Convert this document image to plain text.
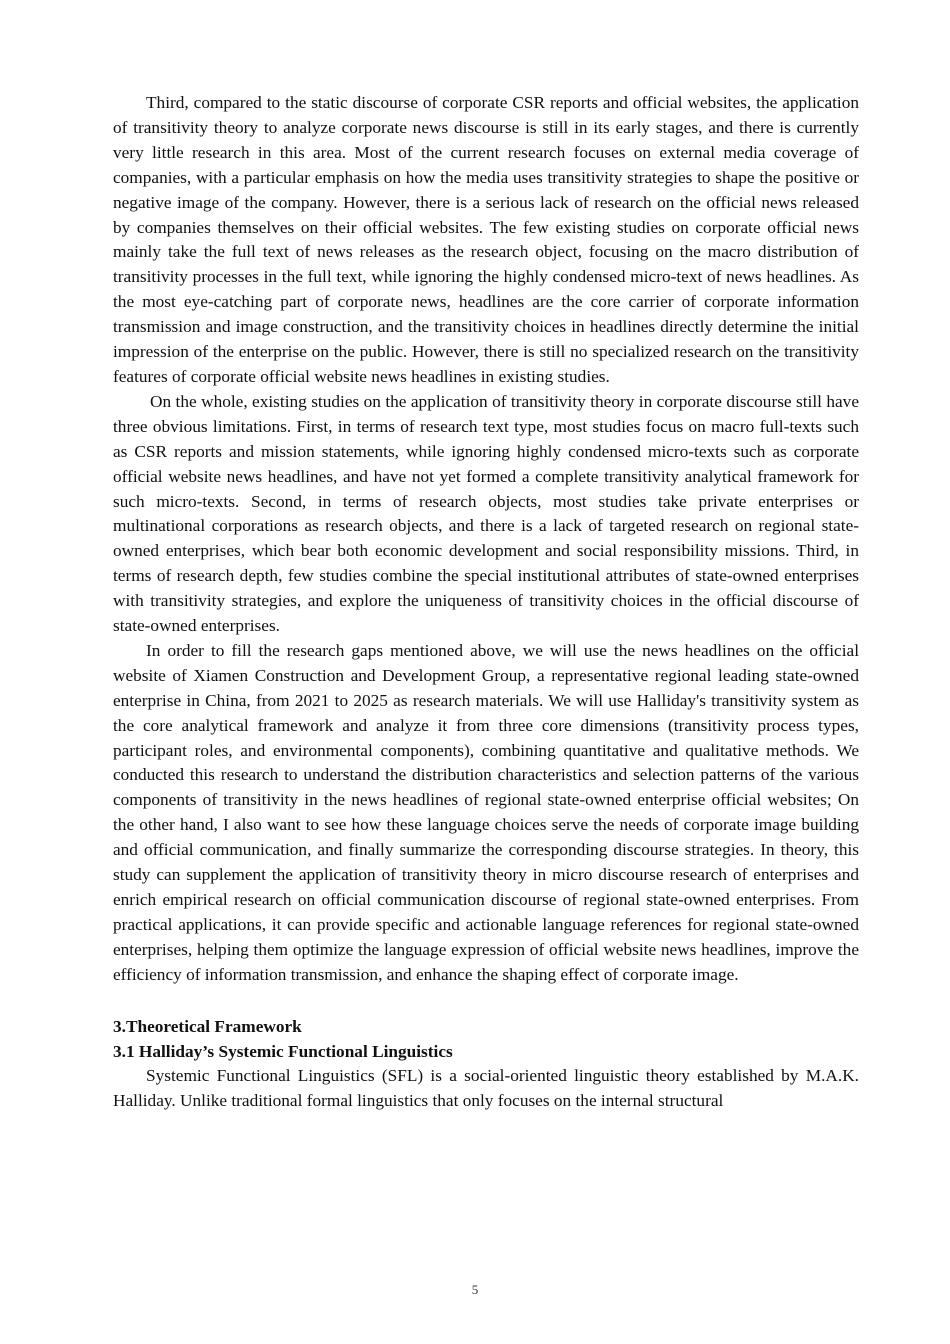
Third, compared to the static discourse of corporate CSR reports and official websites, the application of transitivity theory to analyze corporate news discourse is still in its early stages, and there is currently very little research in this area. Most of the current research focuses on external media coverage of companies, with a particular emphasis on how the media uses transitivity strategies to shape the positive or negative image of the company. However, there is a serious lack of research on the official news released by companies themselves on their official websites. The few existing studies on corporate official news mainly take the full text of news releases as the research object, focusing on the macro distribution of transitivity processes in the full text, while ignoring the highly condensed micro-text of news headlines. As the most eye-catching part of corporate news, headlines are the core carrier of corporate information transmission and image construction, and the transitivity choices in headlines directly determine the initial impression of the enterprise on the public. However, there is still no specialized research on the transitivity features of corporate official website news headlines in existing studies.

On the whole, existing studies on the application of transitivity theory in corporate discourse still have three obvious limitations. First, in terms of research text type, most studies focus on macro full-texts such as CSR reports and mission statements, while ignoring highly condensed micro-texts such as corporate official website news headlines, and have not yet formed a complete transitivity analytical framework for such micro-texts. Second, in terms of research objects, most studies take private enterprises or multinational corporations as research objects, and there is a lack of targeted research on regional state-owned enterprises, which bear both economic development and social responsibility missions. Third, in terms of research depth, few studies combine the special institutional attributes of state-owned enterprises with transitivity strategies, and explore the uniqueness of transitivity choices in the official discourse of state-owned enterprises.

In order to fill the research gaps mentioned above, we will use the news headlines on the official website of Xiamen Construction and Development Group, a representative regional leading state-owned enterprise in China, from 2021 to 2025 as research materials. We will use Halliday's transitivity system as the core analytical framework and analyze it from three core dimensions (transitivity process types, participant roles, and environmental components), combining quantitative and qualitative methods. We conducted this research to understand the distribution characteristics and selection patterns of the various components of transitivity in the news headlines of regional state-owned enterprise official websites; On the other hand, I also want to see how these language choices serve the needs of corporate image building and official communication, and finally summarize the corresponding discourse strategies. In theory, this study can supplement the application of transitivity theory in micro discourse research of enterprises and enrich empirical research on official communication discourse of regional state-owned enterprises. From practical applications, it can provide specific and actionable language references for regional state-owned enterprises, helping them optimize the language expression of official website news headlines, improve the efficiency of information transmission, and enhance the shaping effect of corporate image.

3.Theoretical Framework

3.1 Halliday’s Systemic Functional Linguistics

Systemic Functional Linguistics (SFL) is a social-oriented linguistic theory established by M.A.K. Halliday. Unlike traditional formal linguistics that only focuses on the internal structural

5
